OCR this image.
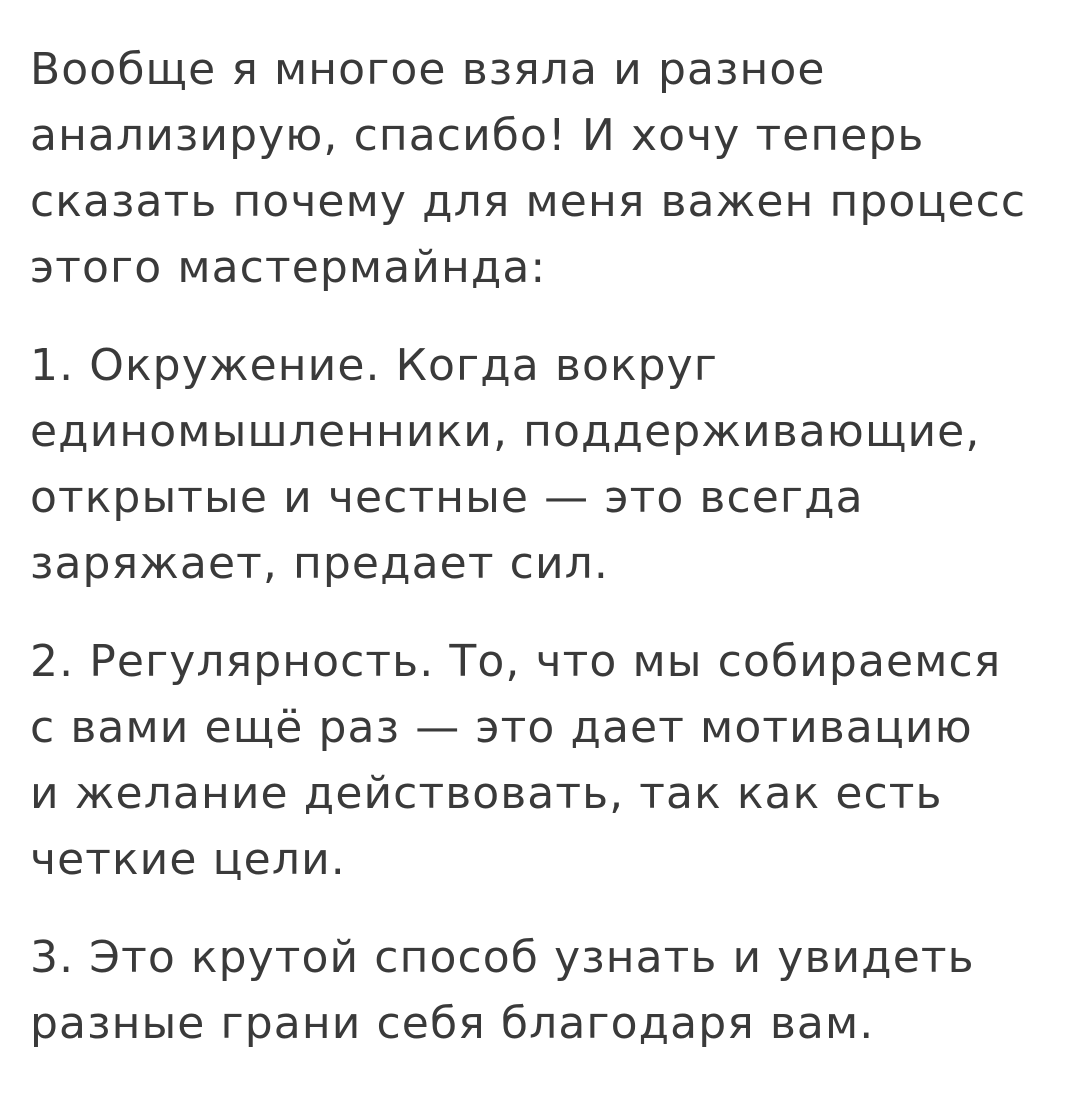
Вообще я многое взяла и разное
анализирую, спасибо! И хочу теперь
сказать почему для меня важен процесс
этого мастермайнда:

1. Окружение. Когда вокруг
единомышленники, поддерживающие,
открытые и честные — это всегда
заряжает, предает сил.

2. Регулярность. То, что мы собираемся
с вами ещё раз — это дает мотивацию
и желание действовать, так как есть
четкие цели.

3. Это крутой способ узнать и увидеть
разные грани себя благодаря вам.
